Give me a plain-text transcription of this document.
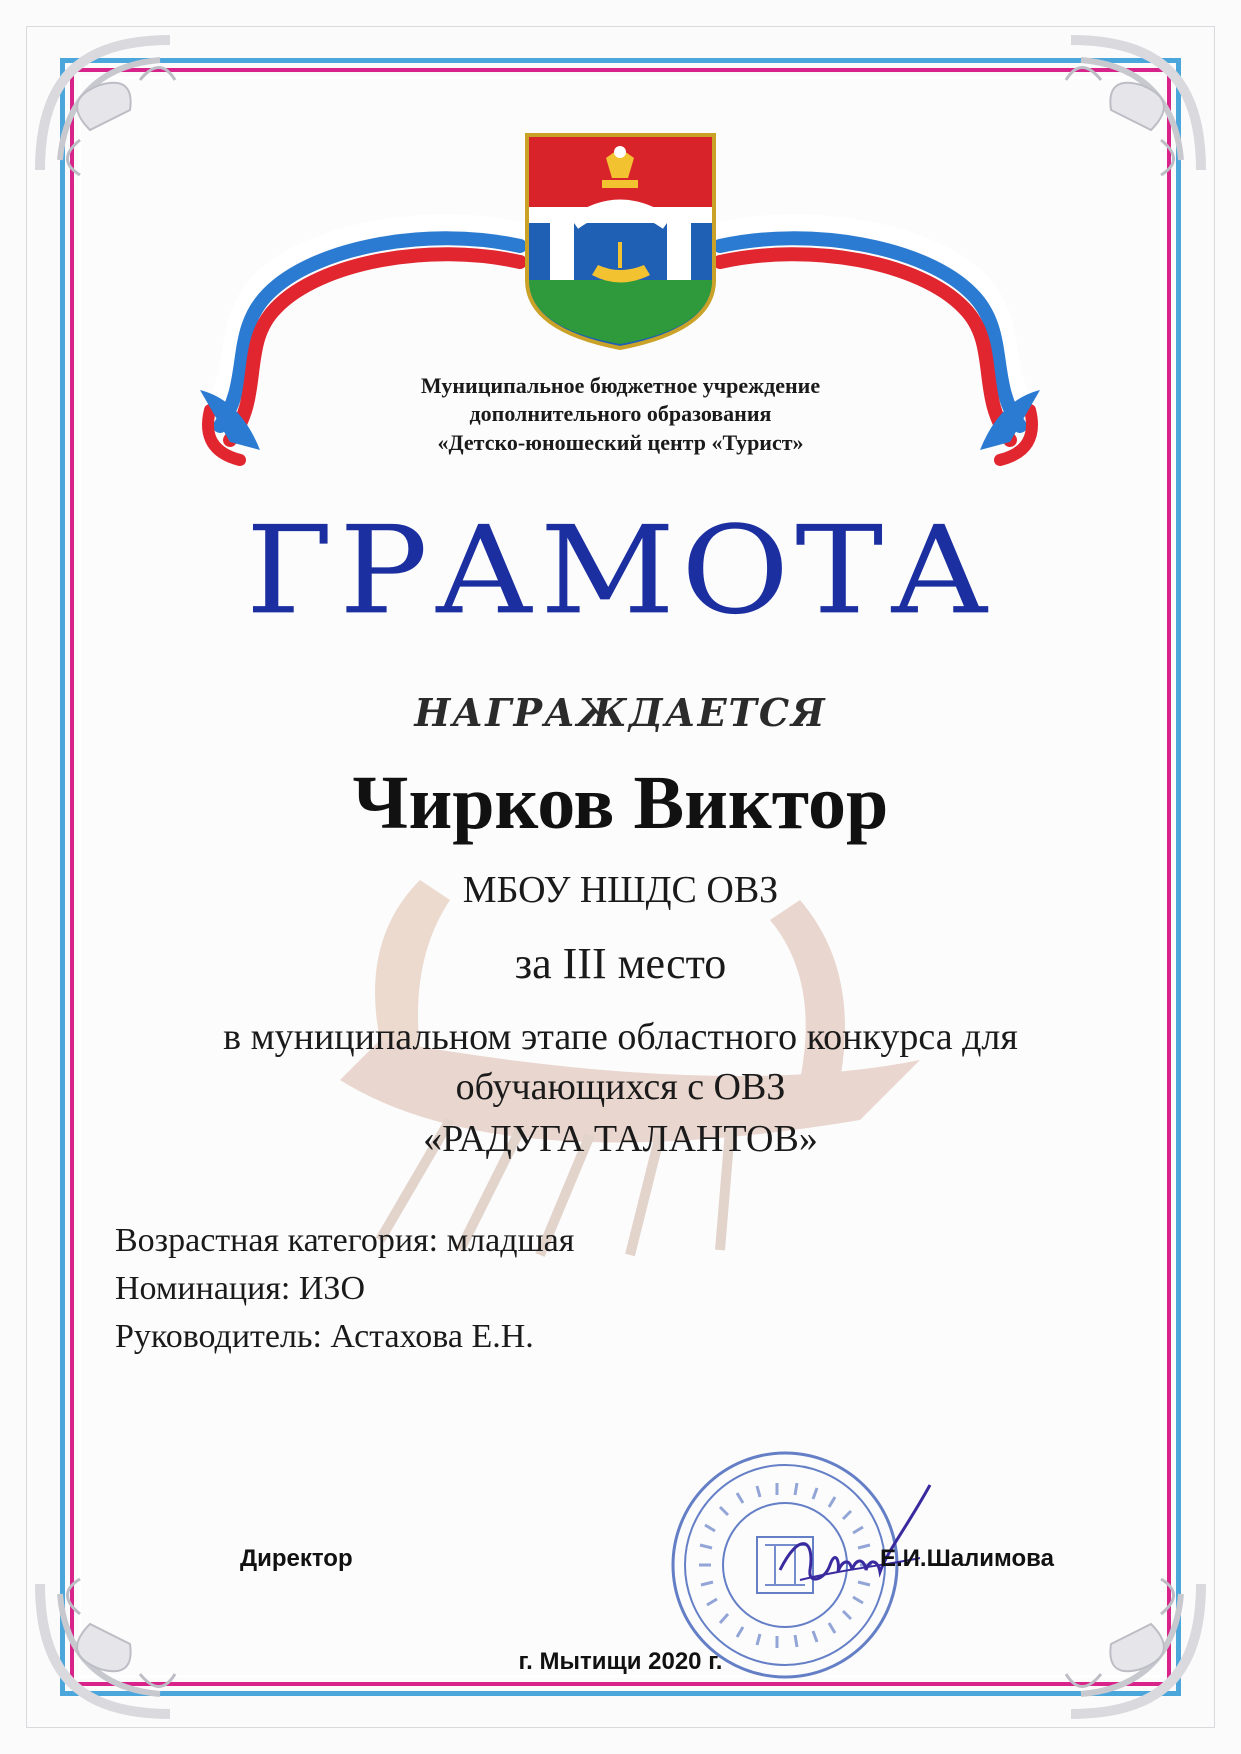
Муниципальное бюджетное учреждение
дополнительного образования
«Детско-юношеский центр «Турист»
ГРАМОТА
НАГРАЖДАЕТСЯ
Чирков Виктор
МБОУ НШДС ОВЗ
за III место
в муниципальном этапе областного конкурса для
обучающихся с ОВЗ
«РАДУГА ТАЛАНТОВ»
Возрастная категория: младшая
Номинация: ИЗО
Руководитель: Астахова Е.Н.
Директор	Е.И.Шалимова
г. Мытищи 2020 г.
